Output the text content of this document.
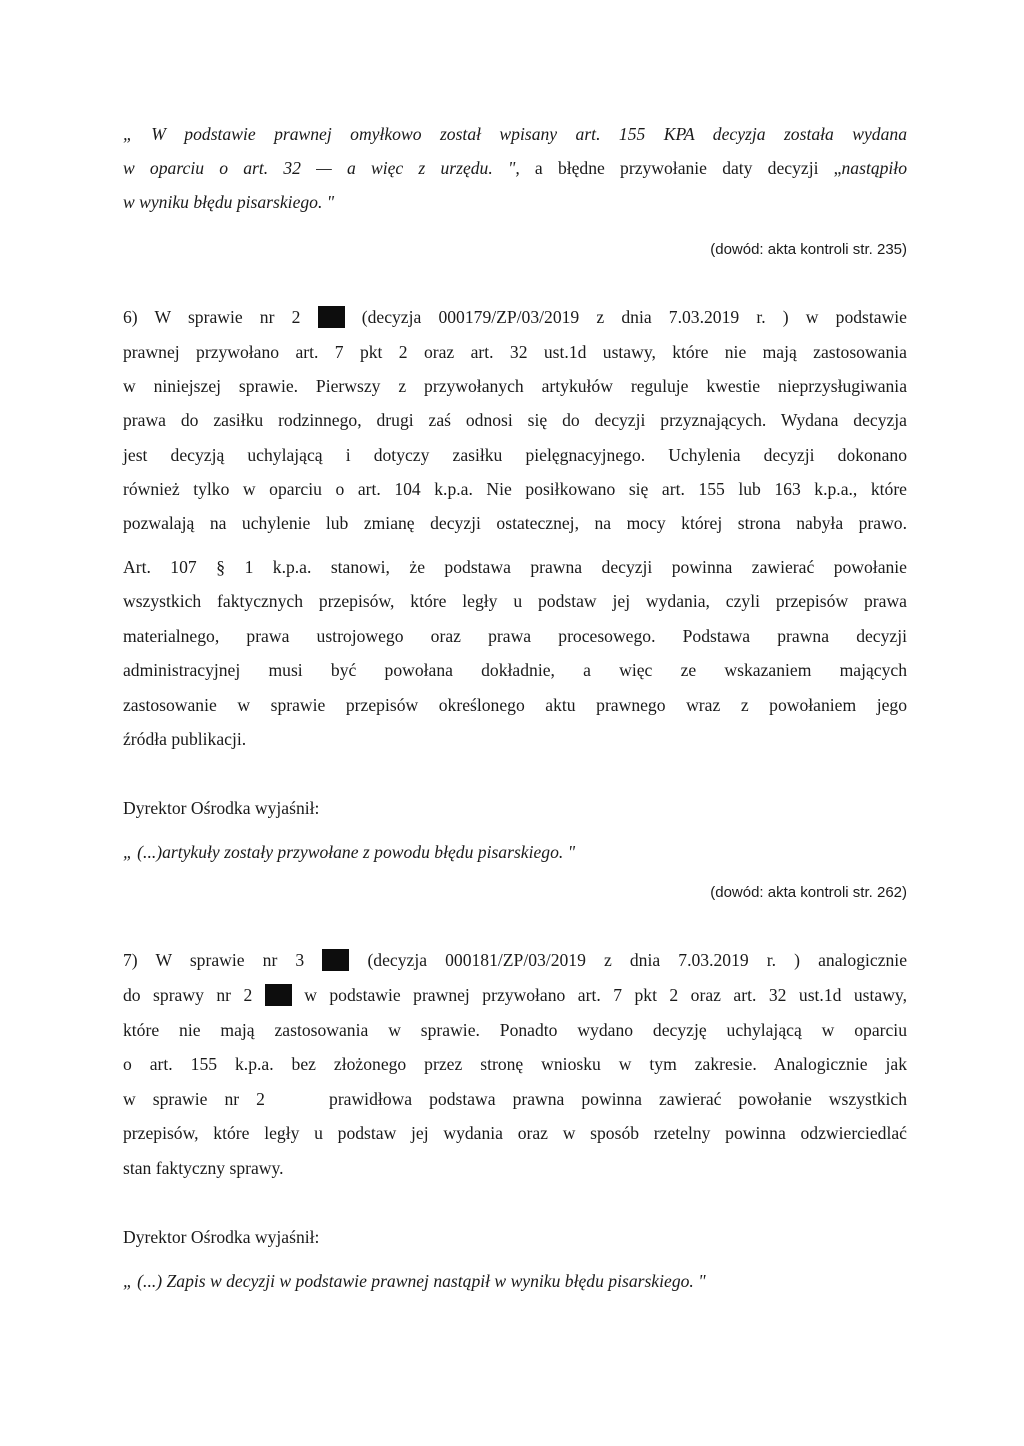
„ W podstawie prawnej omyłkowo został wpisany art. 155 KPA decyzja została wydana
w oparciu o art. 32 — a więc z urzędu. ", a błędne przywołanie daty decyzji „nastąpiło
w wyniku błędu pisarskiego. "
(dowód: akta kontroli str. 235)
6) W sprawie nr 2	(decyzja 000179/ZP/03/2019 z dnia 7.03.2019 r. ) w podstawie
prawnej przywołano art. 7 pkt 2 oraz art. 32 ust.1d ustawy, które nie mają zastosowania
w niniejszej sprawie. Pierwszy z przywołanych artykułów reguluje kwestie nieprzysługiwania
prawa do zasiłku rodzinnego, drugi zaś odnosi się do decyzji przyznających. Wydana decyzja
jest decyzją uchylającą i dotyczy zasiłku pielęgnacyjnego. Uchylenia decyzji dokonano
również tylko w oparciu o art. 104 k.p.a. Nie posiłkowano się art. 155 lub 163 k.p.a., które
pozwalają na uchylenie lub zmianę decyzji ostatecznej, na mocy której strona nabyła prawo.
Art. 107 § 1 k.p.a. stanowi, że podstawa prawna decyzji powinna zawierać powołanie
wszystkich faktycznych przepisów, które legły u podstaw jej wydania, czyli przepisów prawa
materialnego, prawa ustrojowego oraz prawa procesowego. Podstawa prawna decyzji
administracyjnej musi być powołana dokładnie, a więc ze wskazaniem mających
zastosowanie w sprawie przepisów określonego aktu prawnego wraz z powołaniem jego
źródła publikacji.
Dyrektor Ośrodka wyjaśnił:
„ (...)artykuły zostały przywołane z powodu błędu pisarskiego. "
(dowód: akta kontroli str. 262)
7) W sprawie nr 3	(decyzja 000181/ZP/03/2019 z dnia 7.03.2019 r. ) analogicznie
do sprawy nr 2	w podstawie prawnej przywołano art. 7 pkt 2 oraz art. 32 ust.1d ustawy,
które nie mają zastosowania w sprawie. Ponadto wydano decyzję uchylającą w oparciu
o art. 155 k.p.a. bez złożonego przez stronę wniosku w tym zakresie. Analogicznie jak
w sprawie nr 2	prawidłowa podstawa prawna powinna zawierać powołanie wszystkich
przepisów, które legły u podstaw jej wydania oraz w sposób rzetelny powinna odzwierciedlać
stan faktyczny sprawy.
Dyrektor Ośrodka wyjaśnił:
„ (...) Zapis w decyzji w podstawie prawnej nastąpił w wyniku błędu pisarskiego. "
